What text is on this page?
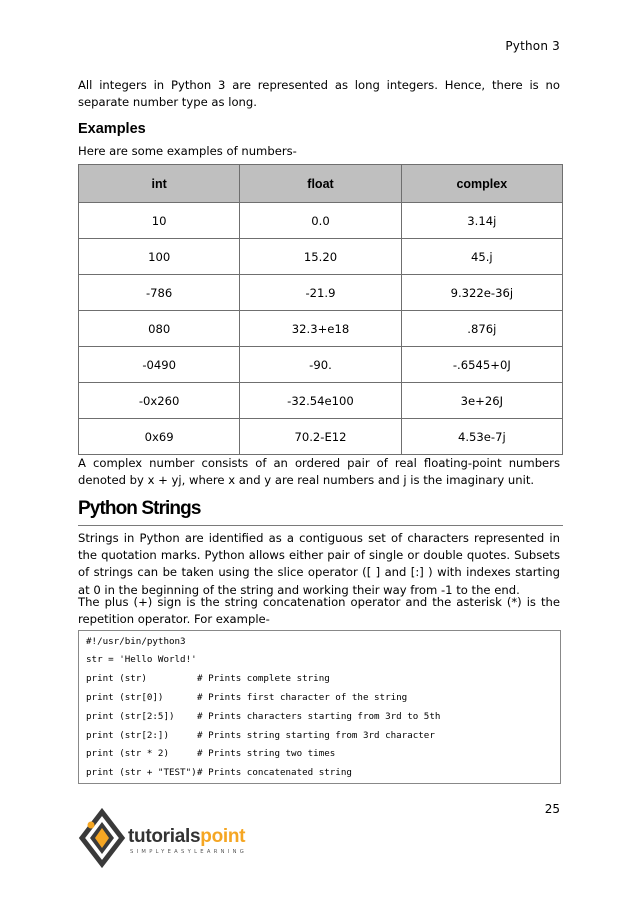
Python 3
All integers in Python 3 are represented as long integers. Hence, there is no separate number type as long.
Examples
Here are some examples of numbers-
int	float	complex
10	0.0	3.14j
100	15.20	45.j
-786	-21.9	9.322e-36j
080	32.3+e18	.876j
-0490	-90.	-.6545+0J
-0x260	-32.54e100	3e+26J
0x69	70.2-E12	4.53e-7j
A complex number consists of an ordered pair of real floating-point numbers denoted by x + yj, where x and y are real numbers and j is the imaginary unit.
Python Strings
Strings in Python are identified as a contiguous set of characters represented in the quotation marks. Python allows either pair of single or double quotes. Subsets of strings can be taken using the slice operator ([ ] and [:] ) with indexes starting at 0 in the beginning of the string and working their way from -1 to the end.
The plus (+) sign is the string concatenation operator and the asterisk (*) is the repetition operator. For example-
#!/usr/bin/python3
str = 'Hello World!'
print (str)	# Prints complete string
print (str[0])	# Prints first character of the string
print (str[2:5]) # Prints characters starting from 3rd to 5th
print (str[2:])	# Prints string starting from 3rd character
print (str * 2)	# Prints string two times
print (str + "TEST") # Prints concatenated string
25
tutorialspoint
SIMPLYEASYLEARNING
